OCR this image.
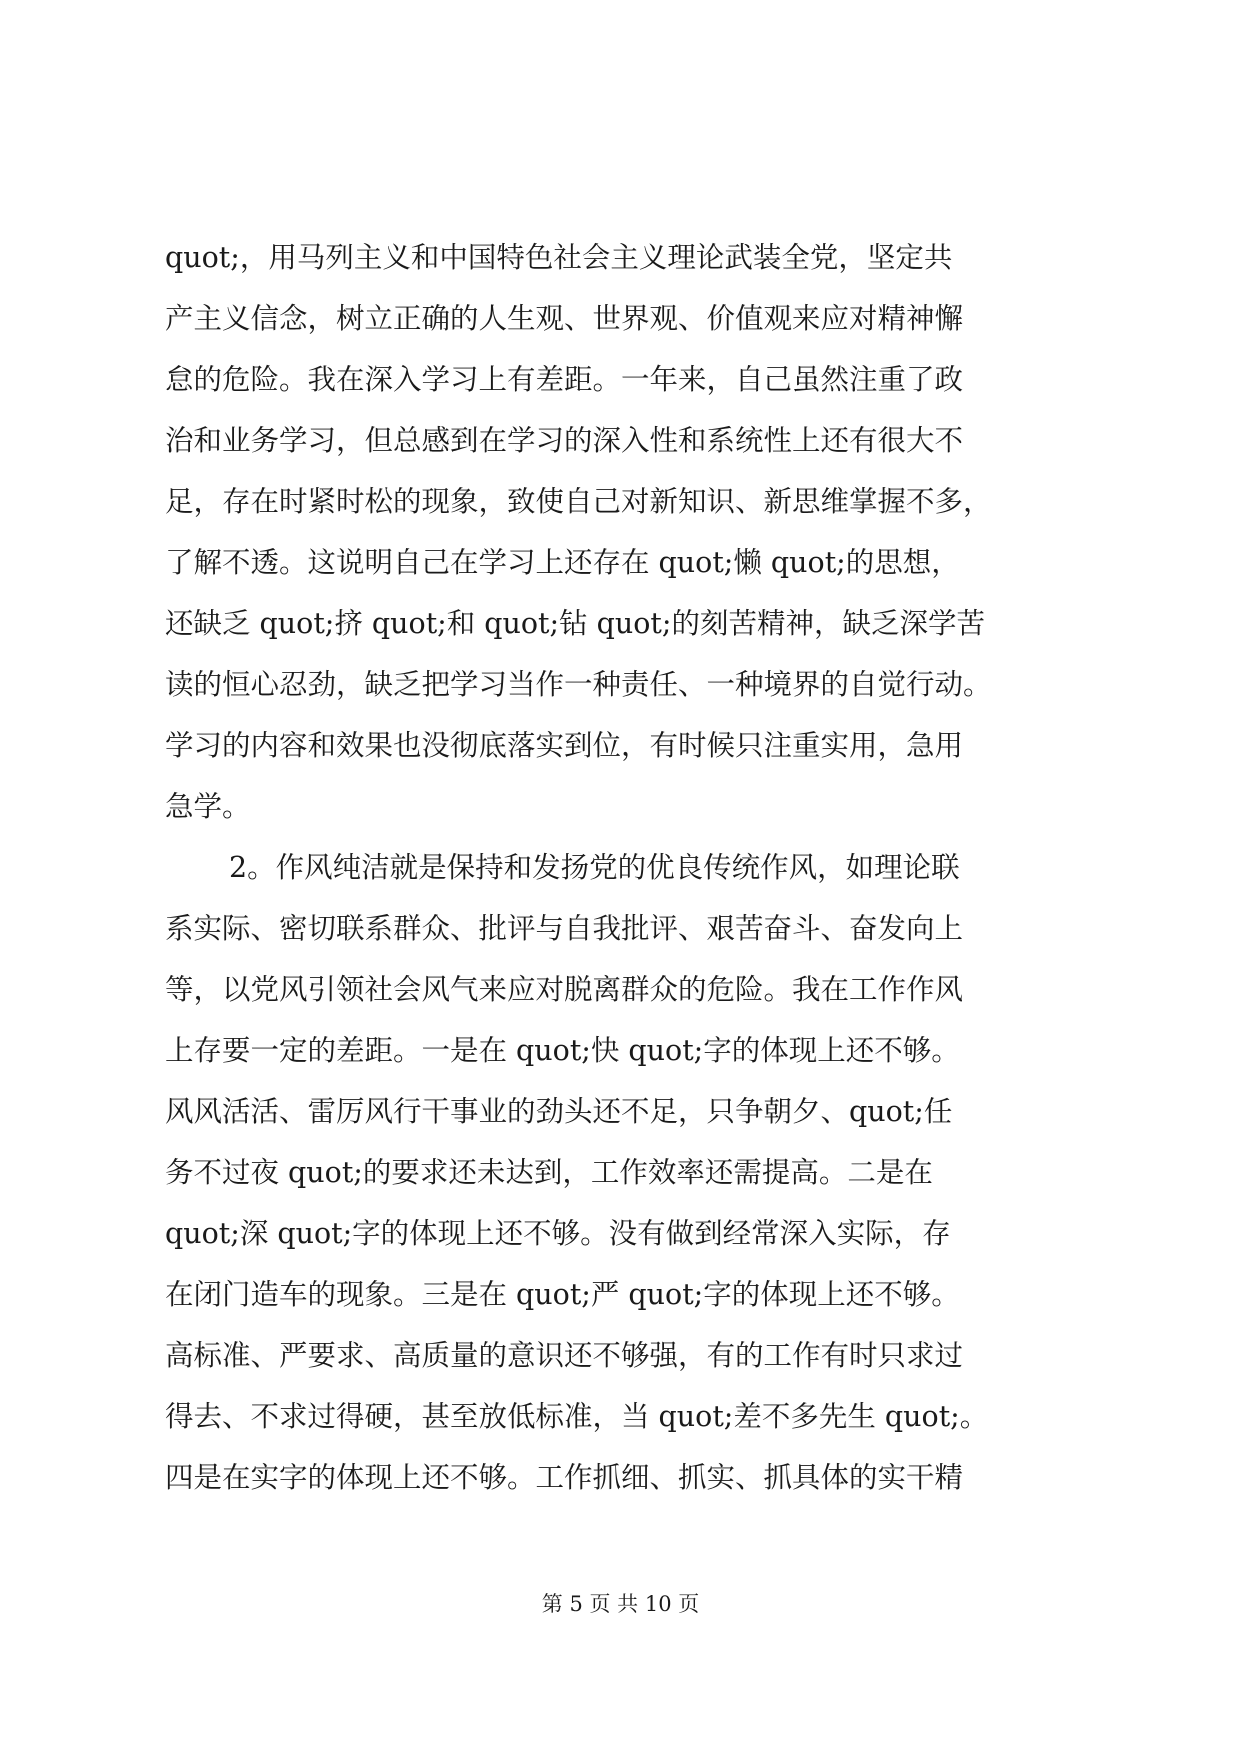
quot;，用马列主义和中国特色社会主义理论武装全党，坚定共
产主义信念，树立正确的人生观、世界观、价值观来应对精神懈
怠的危险。我在深入学习上有差距。一年来，自己虽然注重了政
治和业务学习，但总感到在学习的深入性和系统性上还有很大不
足，存在时紧时松的现象，致使自己对新知识、新思维掌握不多，
了解不透。这说明自己在学习上还存在 quot;懒 quot;的思想，
还缺乏 quot;挤 quot;和 quot;钻 quot;的刻苦精神，缺乏深学苦
读的恒心忍劲，缺乏把学习当作一种责任、一种境界的自觉行动。
学习的内容和效果也没彻底落实到位，有时候只注重实用，急用
急学。
2。作风纯洁就是保持和发扬党的优良传统作风，如理论联
系实际、密切联系群众、批评与自我批评、艰苦奋斗、奋发向上
等，以党风引领社会风气来应对脱离群众的危险。我在工作作风
上存要一定的差距。一是在 quot;快 quot;字的体现上还不够。
风风活活、雷厉风行干事业的劲头还不足，只争朝夕、quot;任
务不过夜 quot;的要求还未达到，工作效率还需提高。二是在
quot;深 quot;字的体现上还不够。没有做到经常深入实际，存
在闭门造车的现象。三是在 quot;严 quot;字的体现上还不够。
高标准、严要求、高质量的意识还不够强，有的工作有时只求过
得去、不求过得硬，甚至放低标准，当 quot;差不多先生 quot;。
四是在实字的体现上还不够。工作抓细、抓实、抓具体的实干精
第 5 页 共 10 页
